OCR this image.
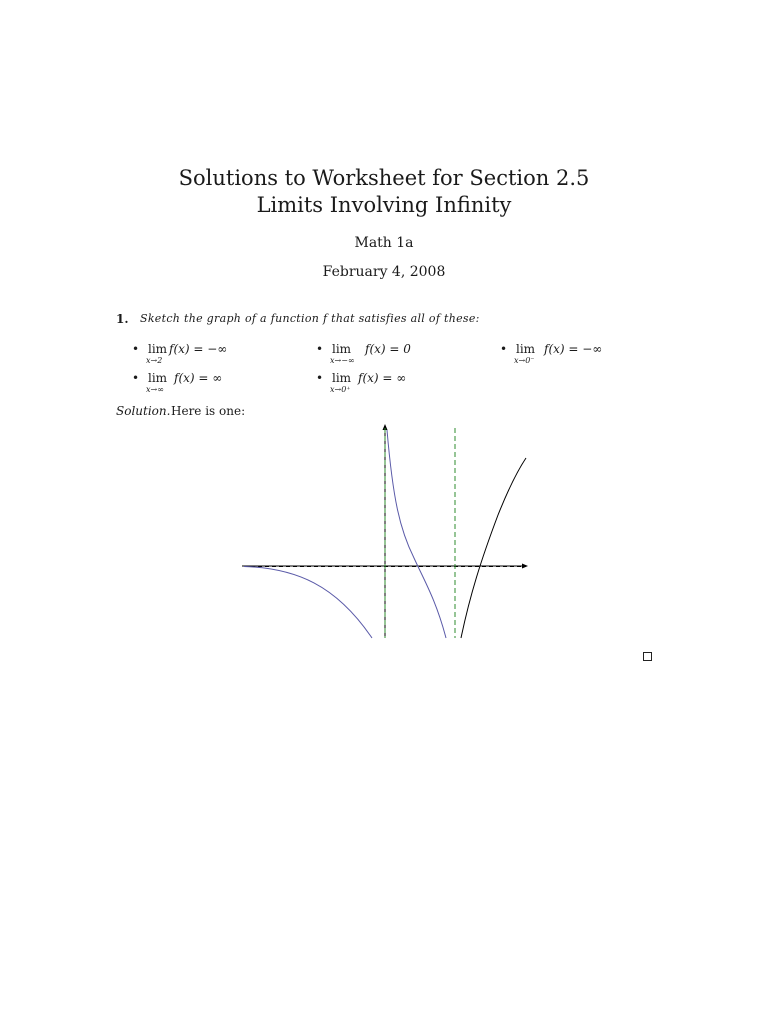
Solutions to Worksheet for Section 2.5
Limits Involving Infinity
Math 1a
February 4, 2008
1. Sketch the graph of a function f that satisfies all of these:
• lim
x→2
f(x) = −∞	• lim
x→−∞
f(x) = 0	• lim
x→0⁻
f(x) = −∞
• lim
x→∞
f(x) = ∞	• lim
x→0⁺
f(x) = ∞
Solution. Here is one:
